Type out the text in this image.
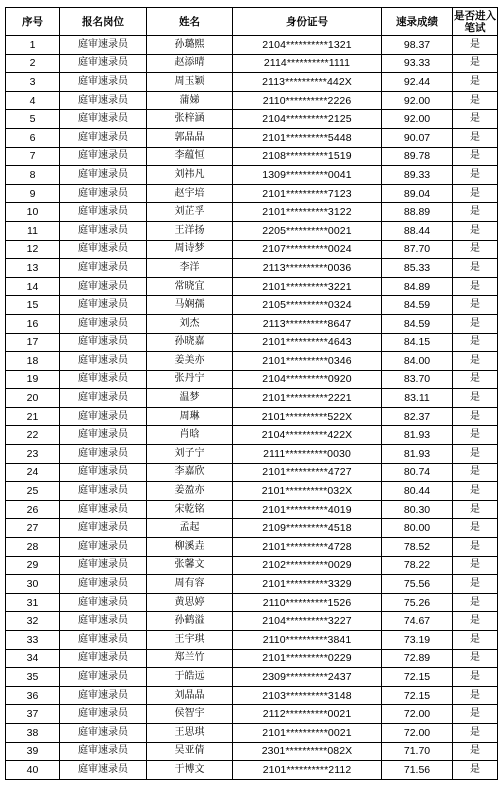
序号	报名岗位	姓名	身份证号	速录成绩	是否进入笔试
1	庭审速录员	孙璐熙	2104**********1321	98.37	是
2	庭审速录员	赵添晴	2114**********1111	93.33	是
3	庭审速录员	周玉颖	2113**********442X	92.44	是
4	庭审速录员	蒲娣	2110**********2226	92.00	是
5	庭审速录员	张梓涵	2104**********2125	92.00	是
6	庭审速录员	郭晶晶	2101**********5448	90.07	是
7	庭审速录员	李蕴恒	2108**********1519	89.78	是
8	庭审速录员	刘祎凡	1309**********0041	89.33	是
9	庭审速录员	赵宇培	2101**********7123	89.04	是
10	庭审速录员	刘芷孚	2101**********3122	88.89	是
11	庭审速录员	王洋扬	2205**********0021	88.44	是
12	庭审速录员	周诗梦	2107**********0024	87.70	是
13	庭审速录员	李洋	2113**********0036	85.33	是
14	庭审速录员	常晓宜	2101**********3221	84.89	是
15	庭审速录员	马娴孺	2105**********0324	84.59	是
16	庭审速录员	刘杰	2113**********8647	84.59	是
17	庭审速录员	孙晓嘉	2101**********4643	84.15	是
18	庭审速录员	姜美亦	2101**********0346	84.00	是
19	庭审速录员	张丹宁	2104**********0920	83.70	是
20	庭审速录员	温梦	2101**********2221	83.11	是
21	庭审速录员	周琳	2101**********522X	82.37	是
22	庭审速录员	肖晗	2104**********422X	81.93	是
23	庭审速录员	刘子宁	2111**********0030	81.93	是
24	庭审速录员	李嘉欣	2101**********4727	80.74	是
25	庭审速录员	姜盈亦	2101**********032X	80.44	是
26	庭审速录员	宋乾铭	2101**********4019	80.30	是
27	庭审速录员	孟起	2109**********4518	80.00	是
28	庭审速录员	柳溪垚	2101**********4728	78.52	是
29	庭审速录员	张馨文	2102**********0029	78.22	是
30	庭审速录员	周有容	2101**********3329	75.56	是
31	庭审速录员	黄思婷	2110**********1526	75.26	是
32	庭审速录员	孙鹤溢	2104**********3227	74.67	是
33	庭审速录员	王宇琪	2110**********3841	73.19	是
34	庭审速录员	郑兰竹	2101**********0229	72.89	是
35	庭审速录员	于皓远	2309**********2437	72.15	是
36	庭审速录员	刘晶晶	2103**********3148	72.15	是
37	庭审速录员	侯智宇	2112**********0021	72.00	是
38	庭审速录员	王思琪	2101**********0021	72.00	是
39	庭审速录员	吴亚倩	2301**********082X	71.70	是
40	庭审速录员	于博文	2101**********2112	71.56	是
